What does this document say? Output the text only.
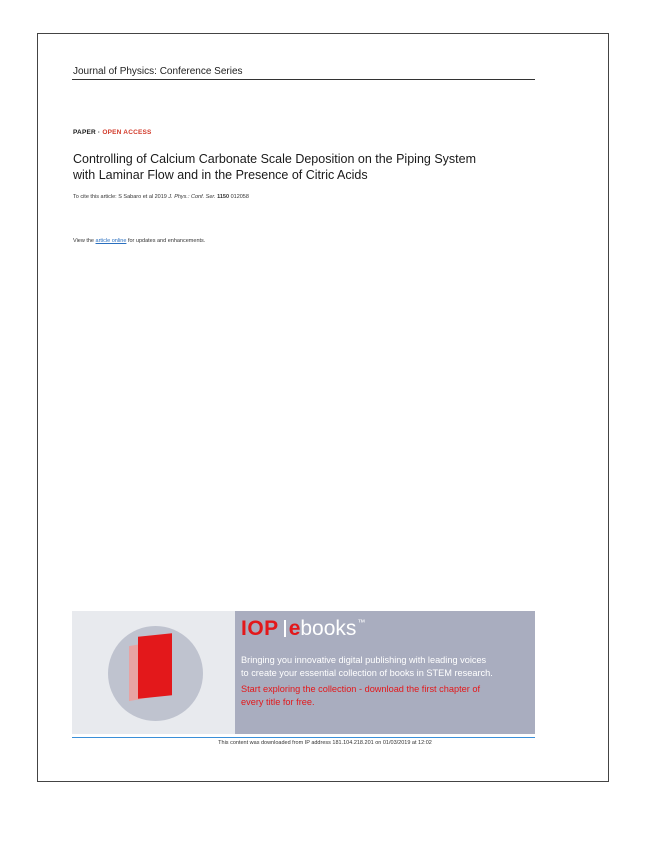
Journal of Physics: Conference Series
PAPER · OPEN ACCESS
Controlling of Calcium Carbonate Scale Deposition on the Piping System
with Laminar Flow and in the Presence of Citric Acids
To cite this article: S Sabaro et al 2019 J. Phys.: Conf. Ser. 1150 012058
View the article online for updates and enhancements.
IOP ebooks™
Bringing you innovative digital publishing with leading voices
to create your essential collection of books in STEM research.
Start exploring the collection - download the first chapter of
every title for free.
This content was downloaded from IP address 181.104.218.201 on 01/03/2019 at 12:02
